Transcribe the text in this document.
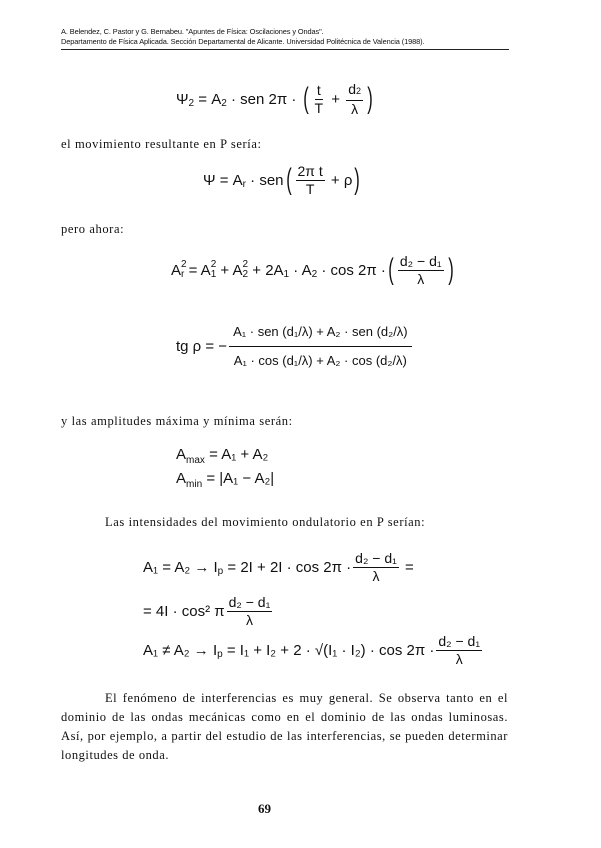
A. Belendez, C. Pastor y G. Bernabeu. "Apuntes de Física: Oscilaciones y Ondas".
Departamento de Física Aplicada. Sección Departamental de Alicante. Universidad Politécnica de Valencia (1988).
Ψ 2 = A 2
· sen 2π ·
( $\frac{t}{T} + \frac{d2}{\lambda}$ )
el movimiento resultante en P sería:
Ψ = A r
· sen ( $\frac{\text{2π t}}{T}$
+ ρ )
pero ahora:
A 2
r = A 2
1
+ A 2
2
+ 2A 1
· A 2
· cos 2π · ( $\frac{\text{d₂ − d₁}}{\lambda}$ )
tg ρ = − $\frac{\text{A₁ · sen (d₁/λ) + A₂ · sen (d₂/λ)}}{\text{A₁ · cos (d₁/λ) + A₂ · cos (d₂/λ)}}$
y las amplitudes máxima y mínima serán:
$A_{max} = A_1 + A_2$
$A_{min} = |A_1 - A_2|$
Las intensidades del movimiento ondulatorio en P serían:
A₁ = A₂ → I p
= $2I + 2I \cdot \cos 2\pi \cdot \frac{\text{d₂ − d₁}}{\lambda}$
=
= 4I · cos² π $\frac{\text{d₂ − d₁}}{\lambda}$
A₁ ≠ A₂ → I p
= $I_1 + I_2 + 2 \cdot √(I_1 \cdot I_2) \cdot \cos 2\pi \cdot \frac{\text{d₂ − d₁}}{\lambda}$
El fenómeno de interferencias es muy general. Se observa tanto en el dominio de las ondas mecánicas como en el dominio de las ondas luminosas. Así, por ejemplo, a partir del estudio de las interferencias, se pueden determinar longitudes de onda.
69
